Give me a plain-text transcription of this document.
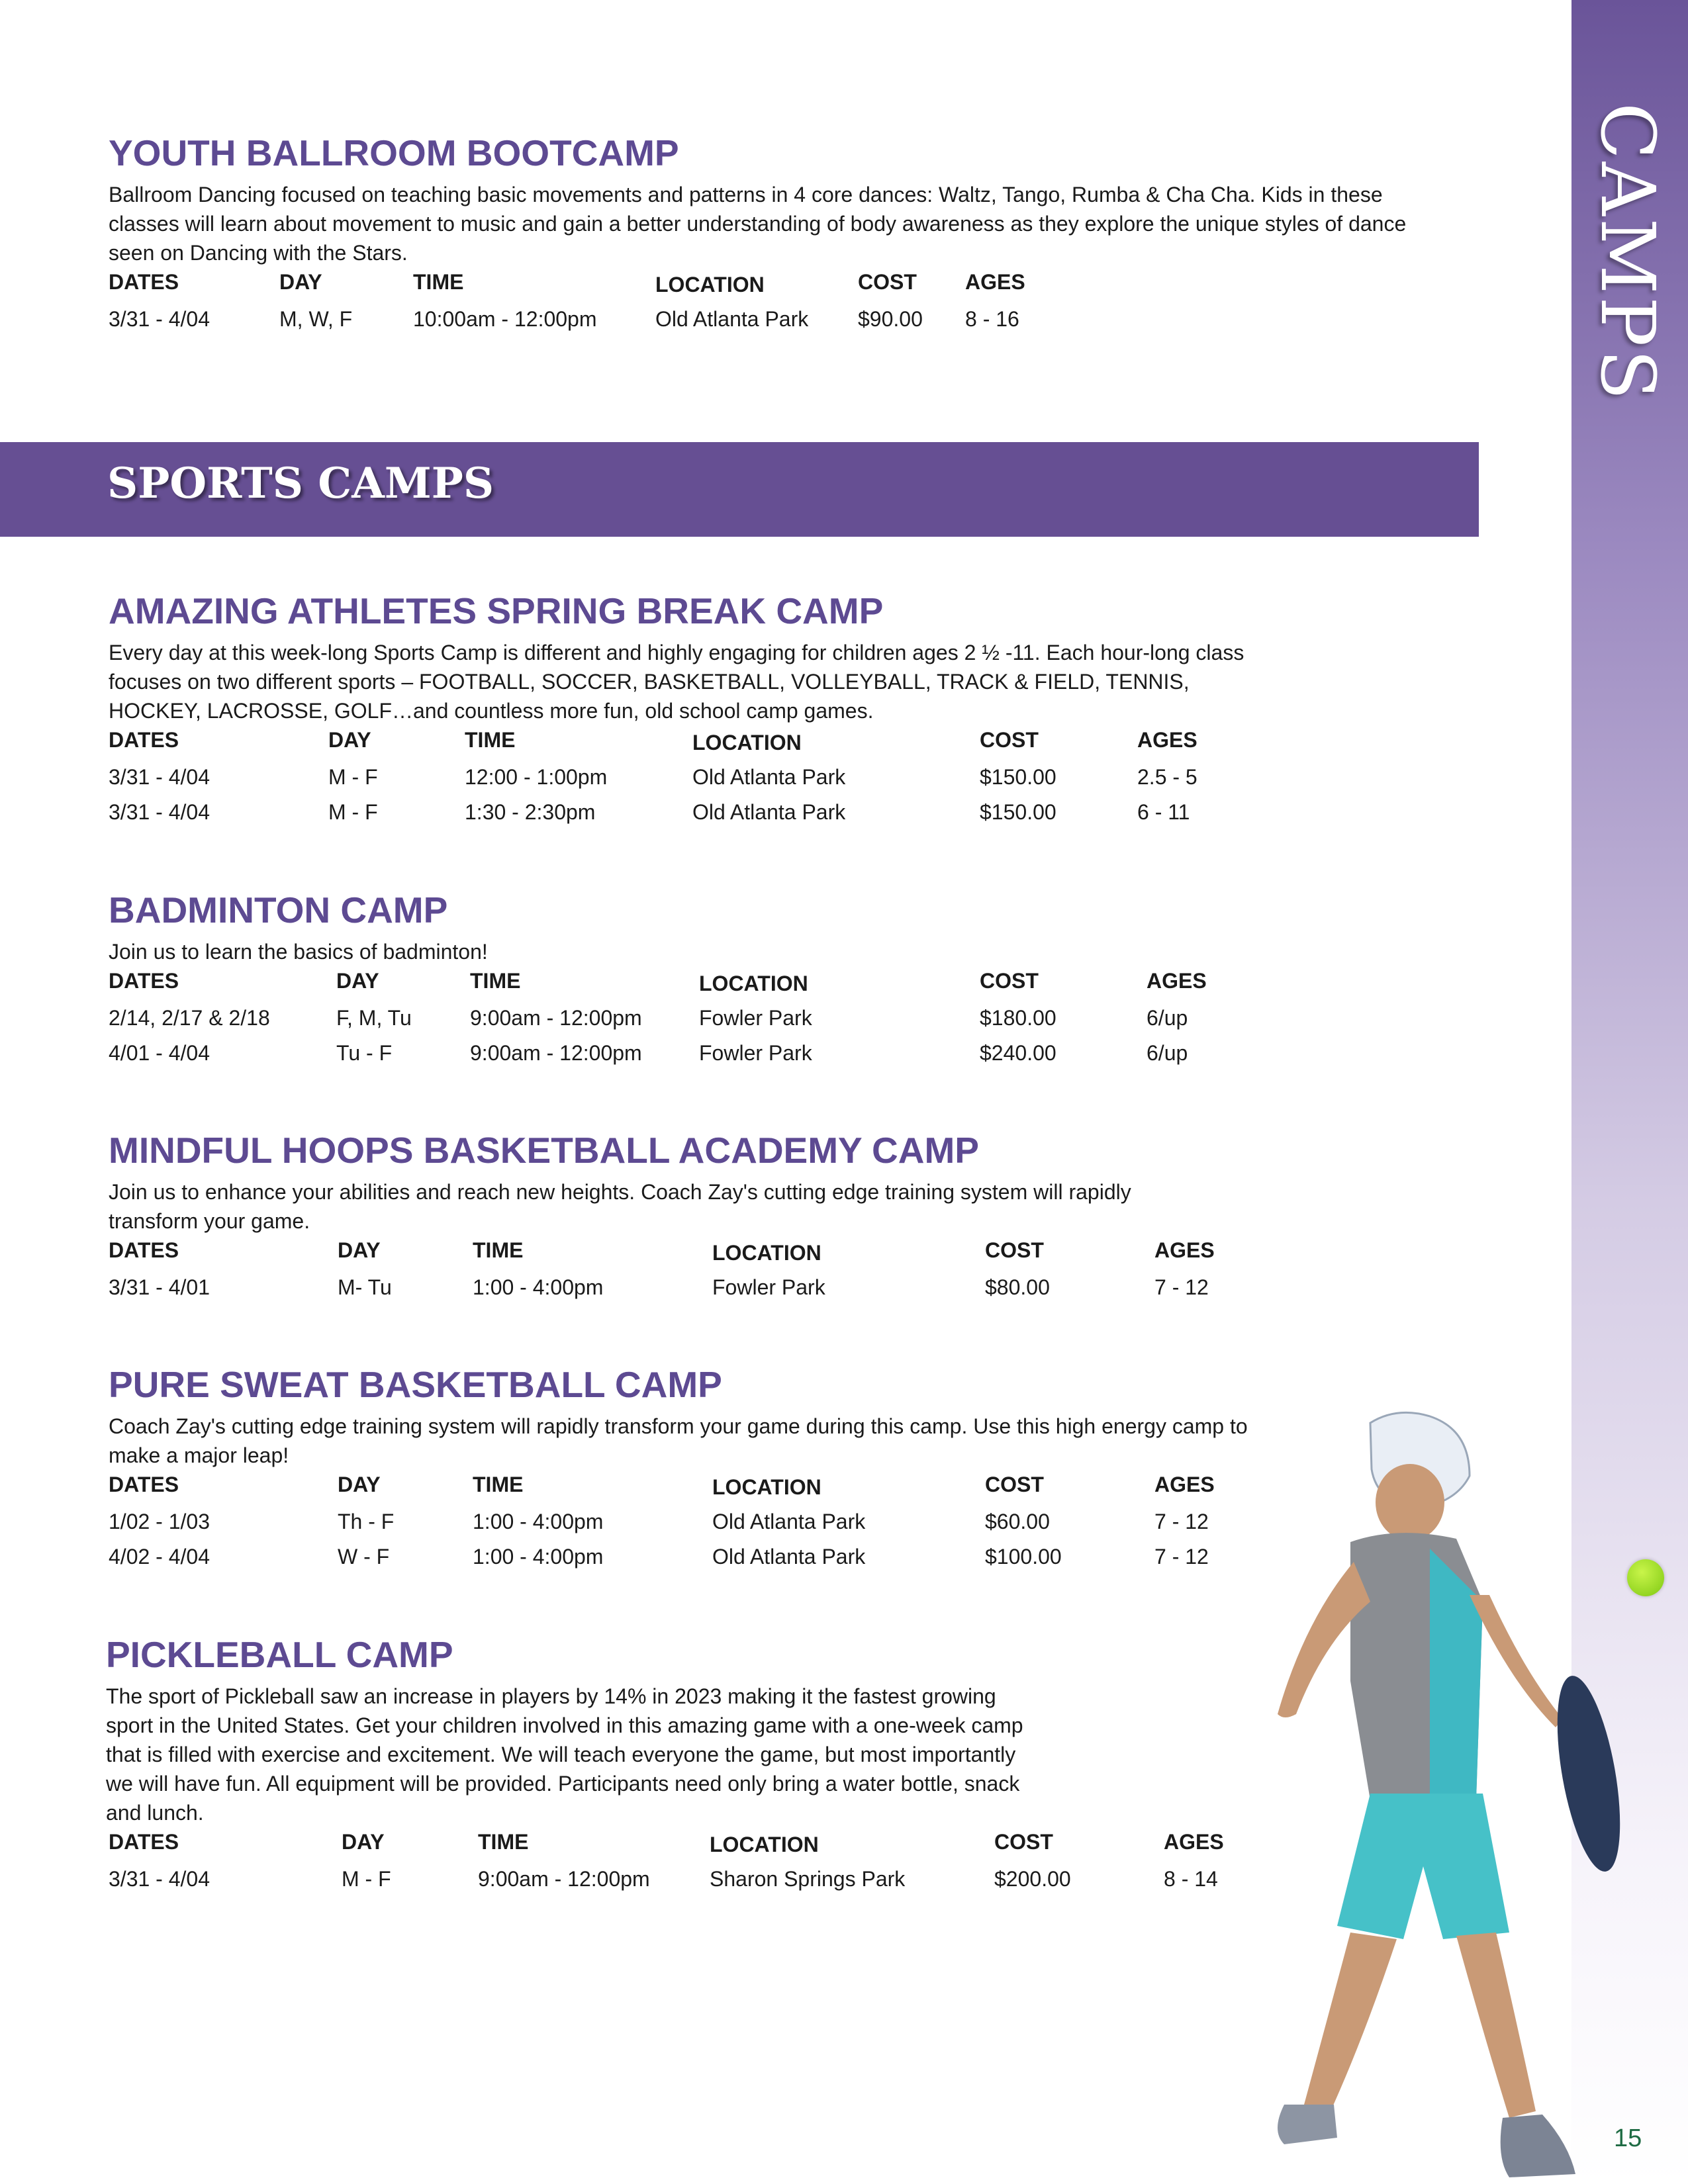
CAMPS
15
YOUTH BALLROOM BOOTCAMP

Ballroom Dancing focused on teaching basic movements and patterns in 4 core dances: Waltz, Tango, Rumba & Cha Cha. Kids in these classes will learn about movement to music and gain a better understanding of body awareness as they explore the unique styles of dance seen on Dancing with the Stars.

DATES	DAY	TIME	LOCATION	COST AGES
3/31 - 4/04	M, W, F	10:00am - 12:00pm	Old Atlanta Park $90.00 8 - 16
SPORTS CAMPS
AMAZING ATHLETES SPRING BREAK CAMP

Every day at this week-long Sports Camp is different and highly engaging for children ages 2 ½ -11. Each hour-long class focuses on two different sports – FOOTBALL, SOCCER, BASKETBALL, VOLLEYBALL, TRACK & FIELD, TENNIS, HOCKEY, LACROSSE, GOLF…and countless more fun, old school camp games.

DATES	DAY	TIME	LOCATION	COST	AGES
3/31 - 4/04	M - F	12:00 - 1:00pm	Old Atlanta Park	$150.00	2.5 - 5
3/31 - 4/04	M - F	1:30 - 2:30pm	Old Atlanta Park	$150.00	6 - 11
BADMINTON CAMP

Join us to learn the basics of badminton!

DATES	DAY	TIME	LOCATION	COST	AGES
2/14, 2/17 & 2/18	F, M, Tu	9:00am - 12:00pm	Fowler Park	$180.00	6/up
4/01 - 4/04	Tu - F	9:00am - 12:00pm	Fowler Park	$240.00	6/up
MINDFUL HOOPS BASKETBALL ACADEMY CAMP

Join us to enhance your abilities and reach new heights. Coach Zay's cutting edge training system will rapidly transform your game.

DATES	DAY	TIME	LOCATION	COST	AGES
3/31 - 4/01	M- Tu	1:00 - 4:00pm	Fowler Park	$80.00	7 - 12
PURE SWEAT BASKETBALL CAMP

Coach Zay's cutting edge training system will rapidly transform your game during this camp. Use this high energy camp to make a major leap!

DATES	DAY	TIME	LOCATION	COST	AGES
1/02 - 1/03	Th - F	1:00 - 4:00pm	Old Atlanta Park	$60.00	7 - 12
4/02 - 4/04	W - F	1:00 - 4:00pm	Old Atlanta Park	$100.00	7 - 12
PICKLEBALL CAMP

The sport of Pickleball saw an increase in players by 14% in 2023 making it the fastest growing sport in the United States. Get your children involved in this amazing game with a one-week camp that is filled with exercise and excitement. We will teach everyone the game, but most importantly we will have fun. All equipment will be provided. Participants need only bring a water bottle, snack and lunch.

DATES	DAY	TIME	LOCATION	COST	AGES
3/31 - 4/04	M - F	9:00am - 12:00pm	Sharon Springs Park	$200.00	8 - 14
